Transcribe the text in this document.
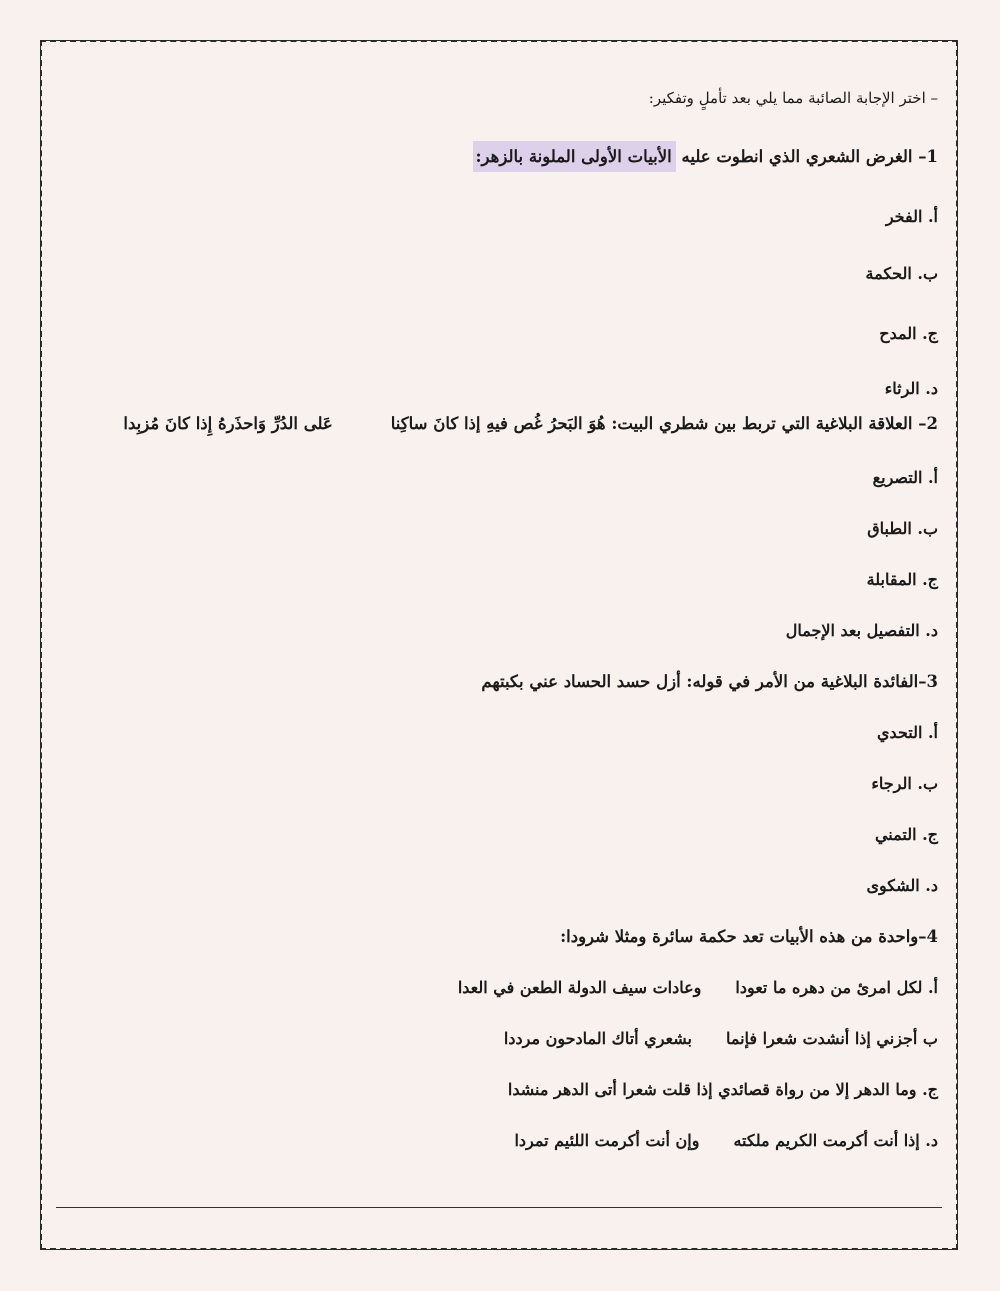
– اختر الإجابة الصائبة مما يلي بعد تأملٍ وتفكير:
1– الغرض الشعري الذي انطوت عليه الأبيات الأولى الملونة بالزهر:
أ. الفخر
ب. الحكمة
ج. المدح
د. الرثاء
2– العلاقة البلاغية التي تربط بين شطري البيت: هُوَ البَحرُ غُص فيهِ إذا كانَ ساكِناعَلى الدُرِّ وَاحذَرهُ إِذا كانَ مُزبِدا
أ. التصريع
ب. الطباق
ج. المقابلة
د. التفصيل بعد الإجمال
3–الفائدة البلاغية من الأمر في قوله: أزل حسد الحساد عني بكبتهم
أ. التحدي
ب. الرجاء
ج. التمني
د. الشكوى
4–واحدة من هذه الأبيات تعد حكمة سائرة ومثلا شرودا:
أ. لكل امرئ من دهره ما تعوداوعادات سيف الدولة الطعن في العدا
ب أجزني إذا أنشدت شعرا فإنمابشعري أتاك المادحون مرددا
ج. وما الدهر إلا من رواة قصائدي إذا قلت شعرا أتى الدهر منشدا
د. إذا أنت أكرمت الكريم ملكتهوإن أنت أكرمت اللئيم تمردا
